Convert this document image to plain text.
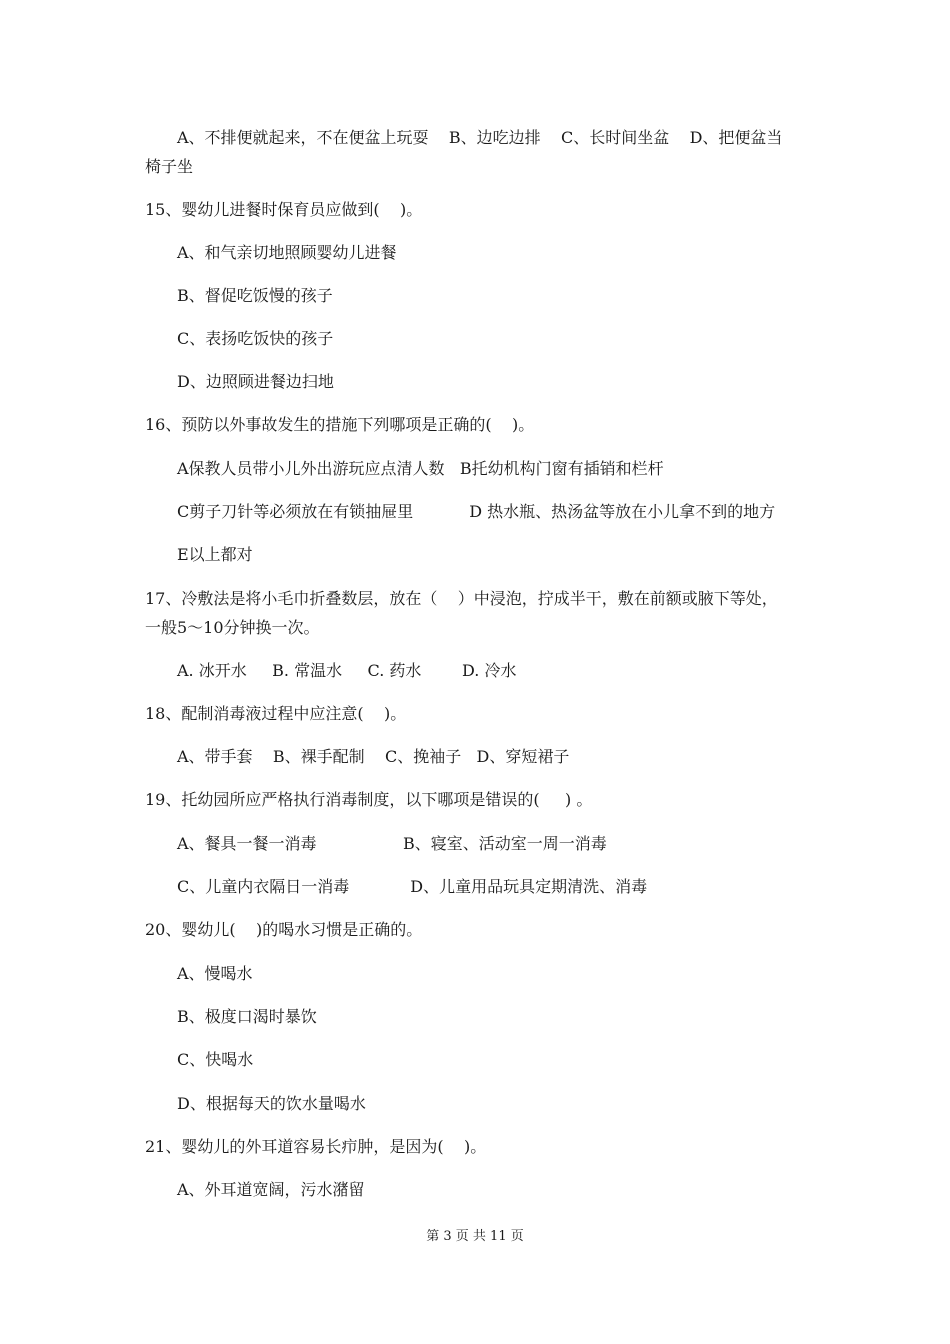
A、不排便就起来，不在便盆上玩耍    B、边吃边排    C、长时间坐盆    D、把便盆当

椅子坐

15、婴幼儿进餐时保育员应做到(    )。

A、和气亲切地照顾婴幼儿进餐

B、督促吃饭慢的孩子

C、表扬吃饭快的孩子

D、边照顾进餐边扫地

16、预防以外事故发生的措施下列哪项是正确的(    )。

A保教人员带小儿外出游玩应点清人数   B托幼机构门窗有插销和栏杆

C剪子刀针等必须放在有锁抽屉里           D 热水瓶、热汤盆等放在小儿拿不到的地方

E以上都对

17、冷敷法是将小毛巾折叠数层，放在（    ）中浸泡，拧成半干，敷在前额或腋下等处，

一般5～10分钟换一次。

A. 冰开水     B. 常温水     C. 药水        D. 冷水

18、配制消毒液过程中应注意(    )。

A、带手套    B、裸手配制    C、挽袖子   D、穿短裙子

19、托幼园所应严格执行消毒制度，以下哪项是错误的(     ) 。

A、餐具一餐一消毒                 B、寝室、活动室一周一消毒

C、儿童内衣隔日一消毒            D、儿童用品玩具定期清洗、消毒

20、婴幼儿(    )的喝水习惯是正确的。

A、慢喝水

B、极度口渴时暴饮

C、快喝水

D、根据每天的饮水量喝水

21、婴幼儿的外耳道容易长疖肿，是因为(    )。

A、外耳道宽阔，污水潴留

第 3 页 共 11 页
